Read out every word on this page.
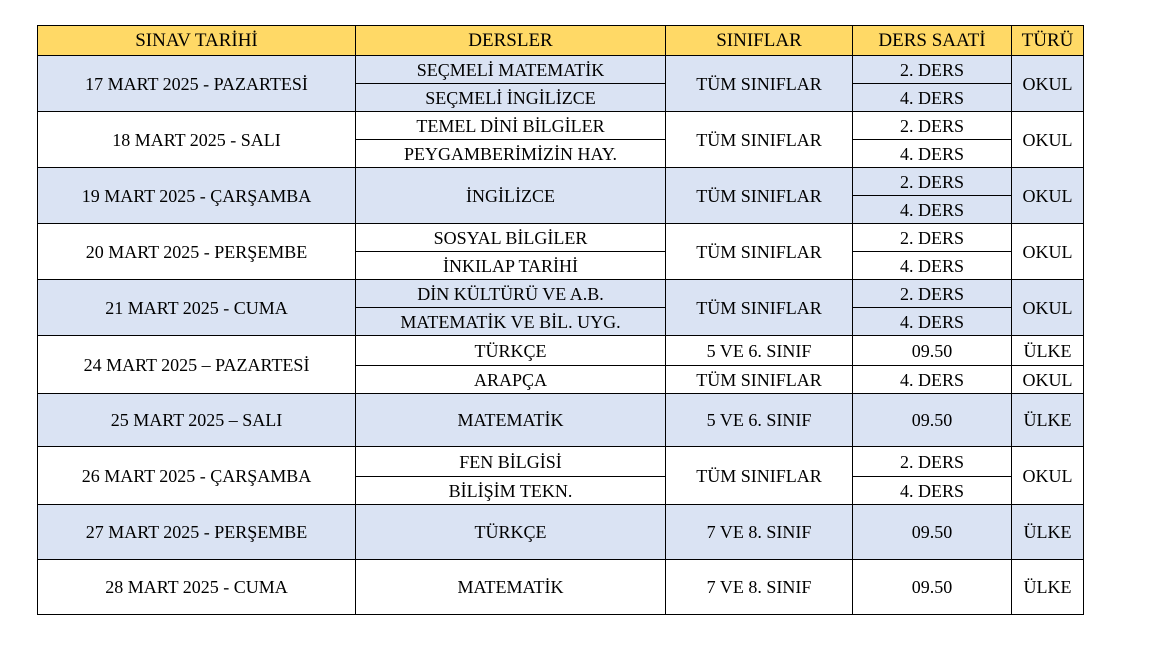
SINAV TARİHİ	DERSLER	SINIFLAR	DERS SAATİ	TÜRÜ
17 MART 2025 - PAZARTESİ	SEÇMELİ MATEMATİK	TÜM SINIFLAR	2. DERS	OKUL
	SEÇMELİ İNGİLİZCE		4. DERS	
18 MART 2025 - SALI	TEMEL DİNİ BİLGİLER	TÜM SINIFLAR	2. DERS	OKUL
	PEYGAMBERİMİZİN HAY.		4. DERS	
19 MART 2025 - ÇARŞAMBA	İNGİLİZCE	TÜM SINIFLAR	2. DERS	OKUL
			4. DERS	
20 MART 2025 - PERŞEMBE	SOSYAL BİLGİLER	TÜM SINIFLAR	2. DERS	OKUL
	İNKILAP TARİHİ		4. DERS	
21 MART 2025 - CUMA	DİN KÜLTÜRÜ VE A.B.	TÜM SINIFLAR	2. DERS	OKUL
	MATEMATİK VE BİL. UYG.		4. DERS	
24 MART 2025 – PAZARTESİ	TÜRKÇE	5 VE 6. SINIF	09.50	ÜLKE
	ARAPÇA	TÜM SINIFLAR	4. DERS	OKUL
25 MART 2025 – SALI	MATEMATİK	5 VE 6. SINIF	09.50	ÜLKE
26 MART 2025 - ÇARŞAMBA	FEN BİLGİSİ	TÜM SINIFLAR	2. DERS	OKUL
	BİLİŞİM TEKN.		4. DERS	
27 MART 2025 - PERŞEMBE	TÜRKÇE	7 VE 8. SINIF	09.50	ÜLKE
28 MART 2025 - CUMA	MATEMATİK	7 VE 8. SINIF	09.50	ÜLKE
